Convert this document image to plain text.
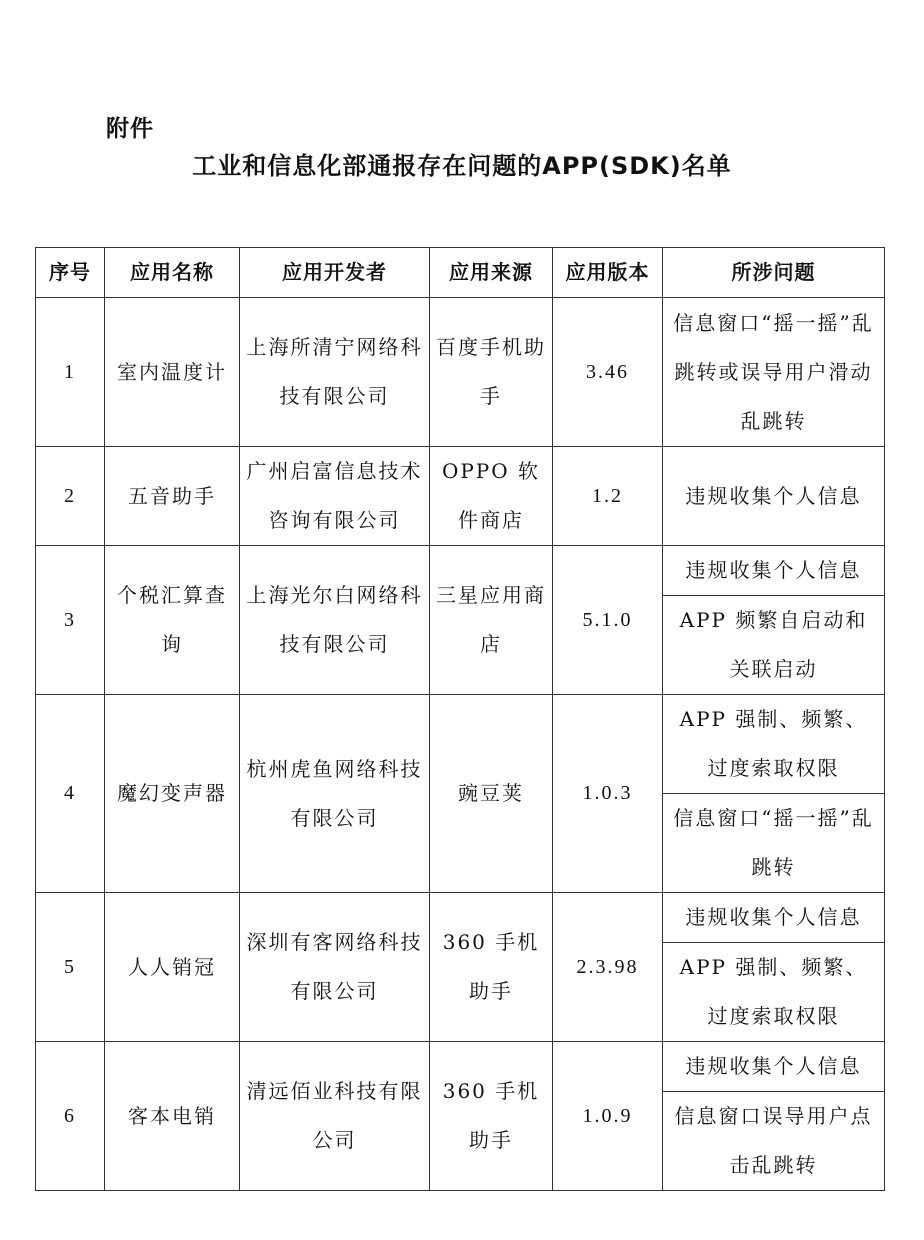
附件
工业和信息化部通报存在问题的APP(SDK)名单
序号	应用名称	应用开发者	应用来源	应用版本	所涉问题
1	室内温度计	上海所清宁网络科技有限公司	百度手机助手	3.46	信息窗口“摇一摇”乱跳转或误导用户滑动乱跳转
2	五音助手	广州启富信息技术咨询有限公司	OPPO 软件商店	1.2	违规收集个人信息
3	个税汇算查询	上海光尔白网络科技有限公司	三星应用商店	5.1.0	违规收集个人信息
					APP 频繁自启动和关联启动
4	魔幻变声器	杭州虎鱼网络科技有限公司	豌豆荚	1.0.3	APP 强制、频繁、过度索取权限
					信息窗口“摇一摇”乱跳转
5	人人销冠	深圳有客网络科技有限公司	360 手机助手	2.3.98	违规收集个人信息
					APP 强制、频繁、过度索取权限
6	客本电销	清远佰业科技有限公司	360 手机助手	1.0.9	违规收集个人信息
					信息窗口误导用户点击乱跳转
